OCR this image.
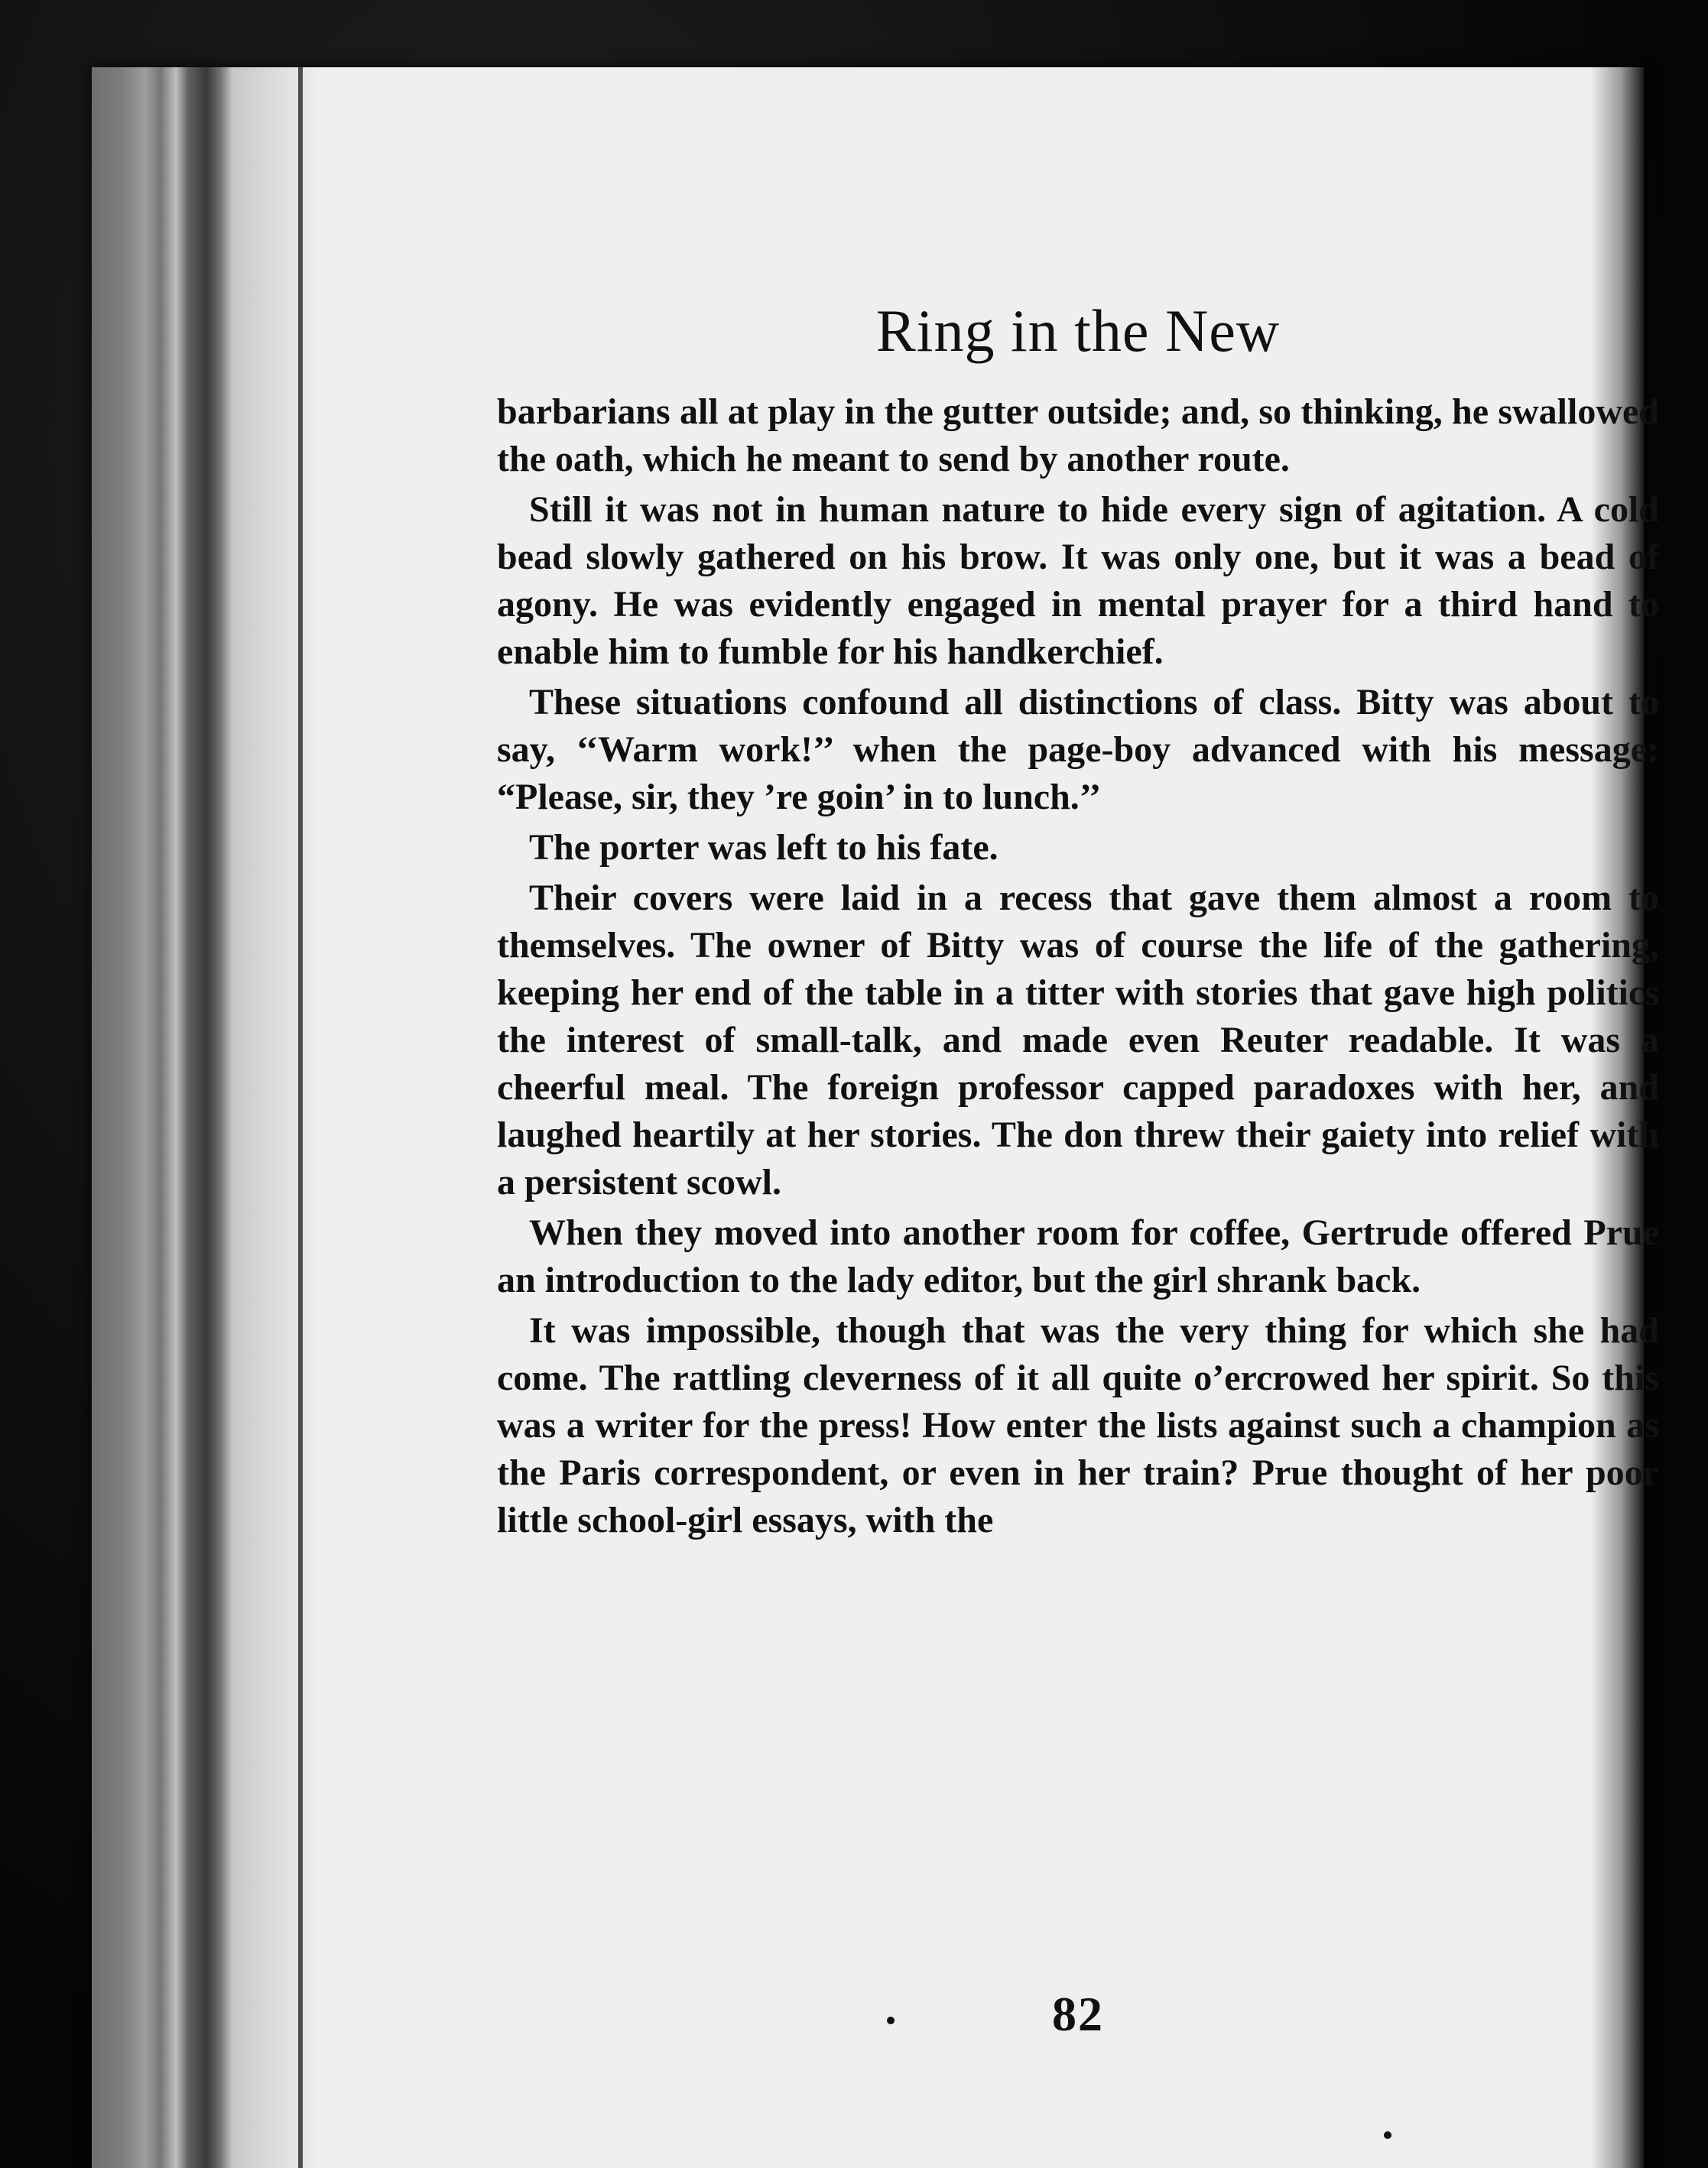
Ring in the New

barbarians all at play in the gutter outside; and, so thinking, he swallowed the oath, which he meant to send by another route.

Still it was not in human nature to hide every sign of agitation. A cold bead slowly gathered on his brow. It was only one, but it was a bead of agony. He was evidently engaged in mental prayer for a third hand to enable him to fumble for his handkerchief.

These situations confound all distinctions of class. Bitty was about to say, ‘‘Warm work!’’ when the page-boy advanced with his message: “Please, sir, they ’re goin’ in to lunch.’’

The porter was left to his fate.

Their covers were laid in a recess that gave them almost a room to themselves. The owner of Bitty was of course the life of the gathering, keeping her end of the table in a titter with stories that gave high politics the interest of small-talk, and made even Reuter readable. It was a cheerful meal. The foreign professor capped paradoxes with her, and laughed heartily at her stories. The don threw their gaiety into relief with a persistent scowl.

When they moved into another room for coffee, Gertrude offered Prue an introduction to the lady editor, but the girl shrank back.

It was impossible, though that was the very thing for which she had come. The rattling cleverness of it all quite o’ercrowed her spirit. So this was a writer for the press! How enter the lists against such a champion as the Paris correspondent, or even in her train? Prue thought of her poor little school-girl essays, with the

82
